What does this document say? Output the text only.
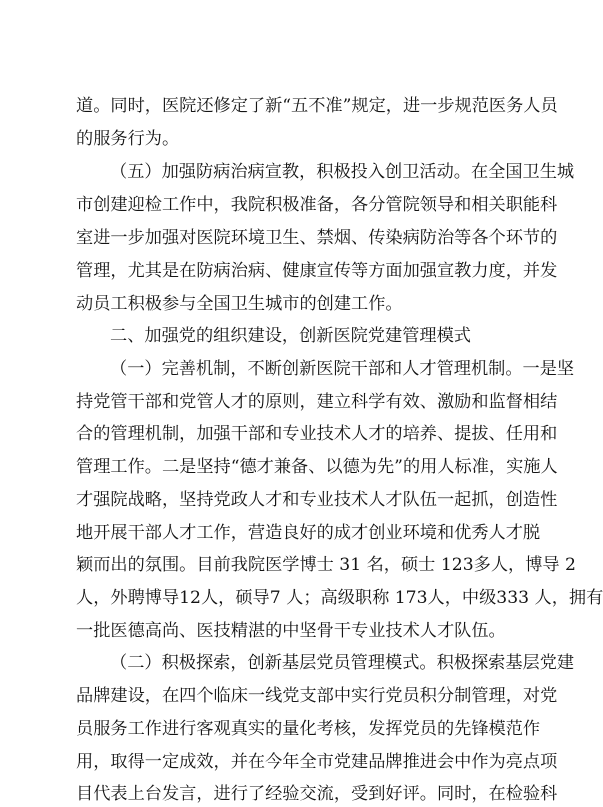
道。同时，医院还修定了新“五不准”规定，进一步规范医务人员
的服务行为。
（五）加强防病治病宣教，积极投入创卫活动。在全国卫生城
市创建迎检工作中，我院积极准备，各分管院领导和相关职能科
室进一步加强对医院环境卫生、禁烟、传染病防治等各个环节的
管理，尤其是在防病治病、健康宣传等方面加强宣教力度，并发
动员工积极参与全国卫生城市的创建工作。
二、加强党的组织建设，创新医院党建管理模式
（一）完善机制，不断创新医院干部和人才管理机制。一是坚
持党管干部和党管人才的原则，建立科学有效、激励和监督相结
合的管理机制，加强干部和专业技术人才的培养、提拔、任用和
管理工作。二是坚持“德才兼备、以德为先”的用人标准，实施人
才强院战略，坚持党政人才和专业技术人才队伍一起抓，创造性
地开展干部人才工作，营造良好的成才创业环境和优秀人才脱
颖而出的氛围。目前我院医学博士 31 名，硕士 123多人，博导 2
人，外聘博导12人，硕导7 人；高级职称 173人，中级333 人，拥有
一批医德高尚、医技精湛的中坚骨干专业技术人才队伍。
（二）积极探索，创新基层党员管理模式。积极探索基层党建
品牌建设，在四个临床一线党支部中实行党员积分制管理，对党
员服务工作进行客观真实的量化考核，发挥党员的先锋模范作
用，取得一定成效，并在今年全市党建品牌推进会中作为亮点项
目代表上台发言，进行了经验交流，受到好评。同时，在检验科
